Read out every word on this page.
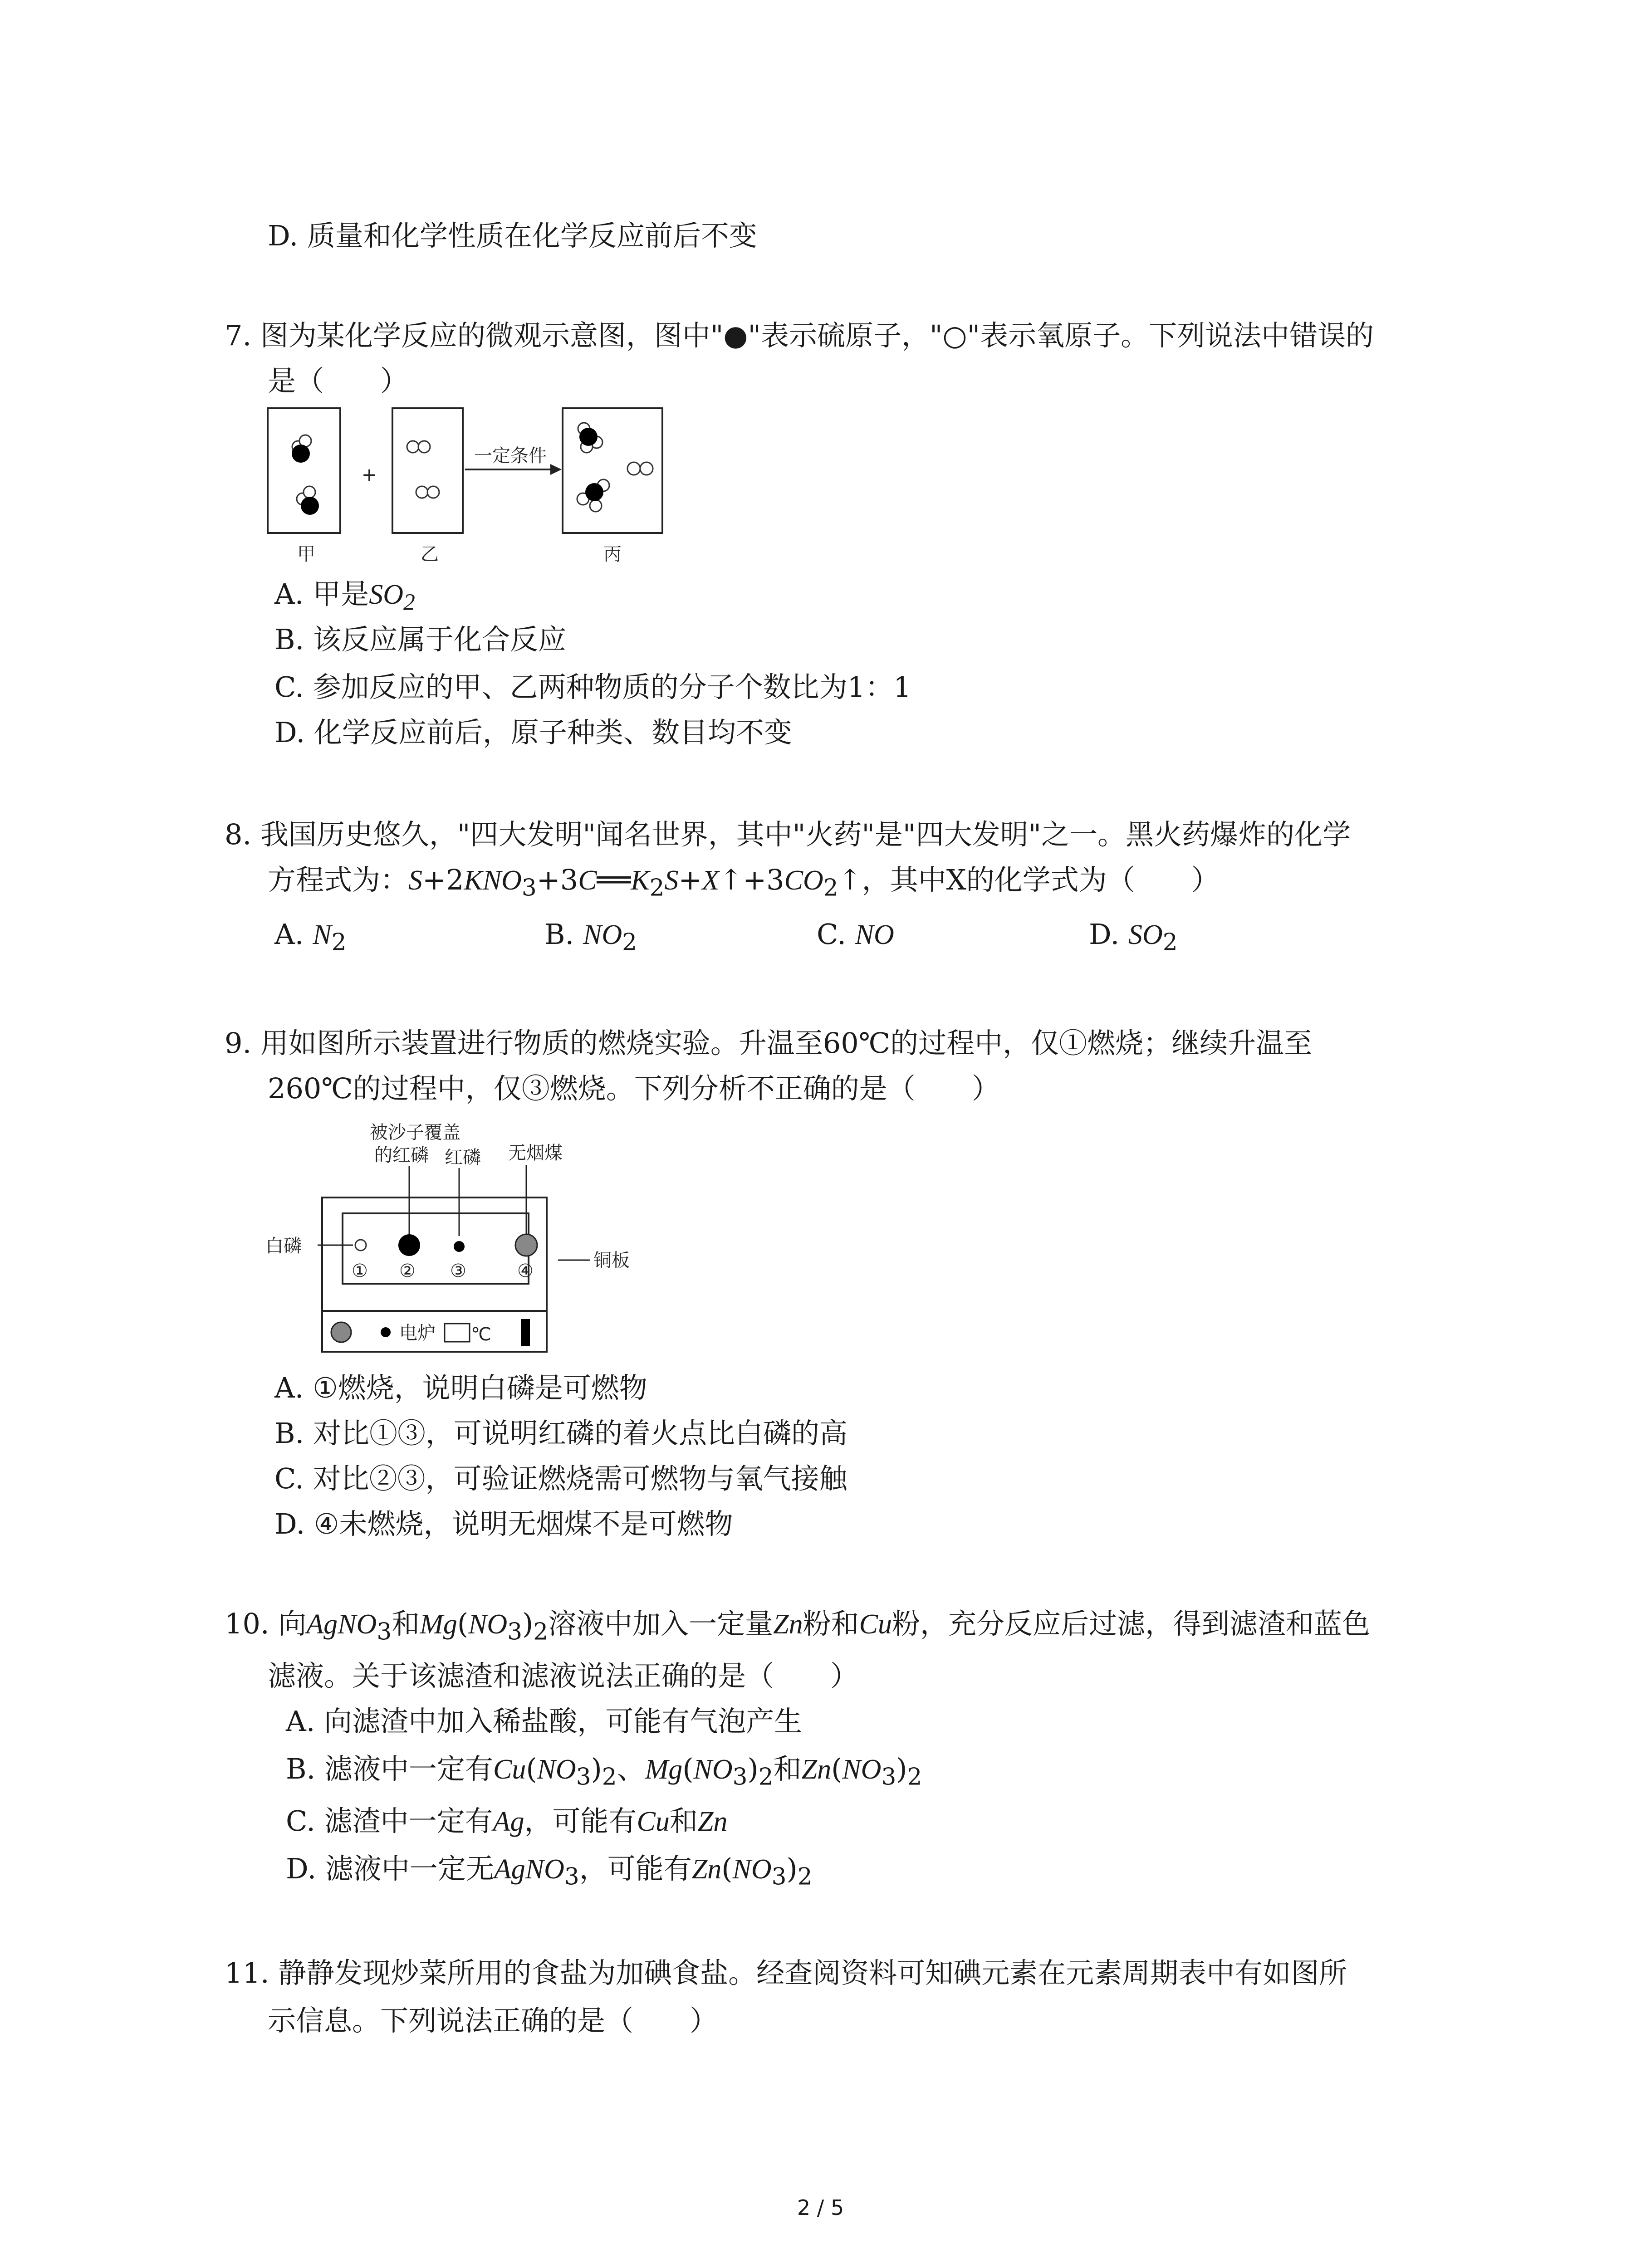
D. 质量和化学性质在化学反应前后不变
7. 图为某化学反应的微观示意图，图中"●"表示硫原子，"○"表示氧原子。下列说法中错误的
是（　　）
+
一定条件
甲	乙	丙
A. 甲是$SO_2$
B. 该反应属于化合反应
C. 参加反应的甲、乙两种物质的分子个数比为1：1
D. 化学反应前后，原子种类、数目均不变
8. 我国历史悠久，"四大发明"闻名世界，其中"火药"是"四大发明"之一。黑火药爆炸的化学
方程式为：$S+2KNO_3+3C══K_2S+X↑+3CO_2↑$，其中X的化学式为（　　）
A. $N_2$	B. $NO_2$	C. NO	D. $SO_2$
9. 用如图所示装置进行物质的燃烧实验。升温至60℃的过程中，仅①燃烧；继续升温至
260℃的过程中，仅③燃烧。下列分析不正确的是（　　）
被沙子覆盖
的红磷 红磷 无烟煤
白磷
铜板
① ② ③	④
电炉 ℃
A. ①燃烧，说明白磷是可燃物
B. 对比①③，可说明红磷的着火点比白磷的高
C. 对比②③，可验证燃烧需可燃物与氧气接触
D. ④未燃烧，说明无烟煤不是可燃物
10. 向AgNO$_3$和$Mg(NO_3)_2$溶液中加入一定量Zn粉和Cu粉，充分反应后过滤，得到滤渣和蓝色
滤液。关于该滤渣和滤液说法正确的是（　　）
A. 向滤渣中加入稀盐酸，可能有气泡产生
B. 滤液中一定有$Cu(NO_3)_2$、$Mg(NO_3)_2$和$Zn(NO_3)_2$
C. 滤渣中一定有Ag，可能有Cu和Zn
D. 滤液中一定无AgNO$_3$，可能有$Zn(NO_3)_2$
11. 静静发现炒菜所用的食盐为加碘食盐。经查阅资料可知碘元素在元素周期表中有如图所
示信息。下列说法正确的是（　　）
2 / 5
